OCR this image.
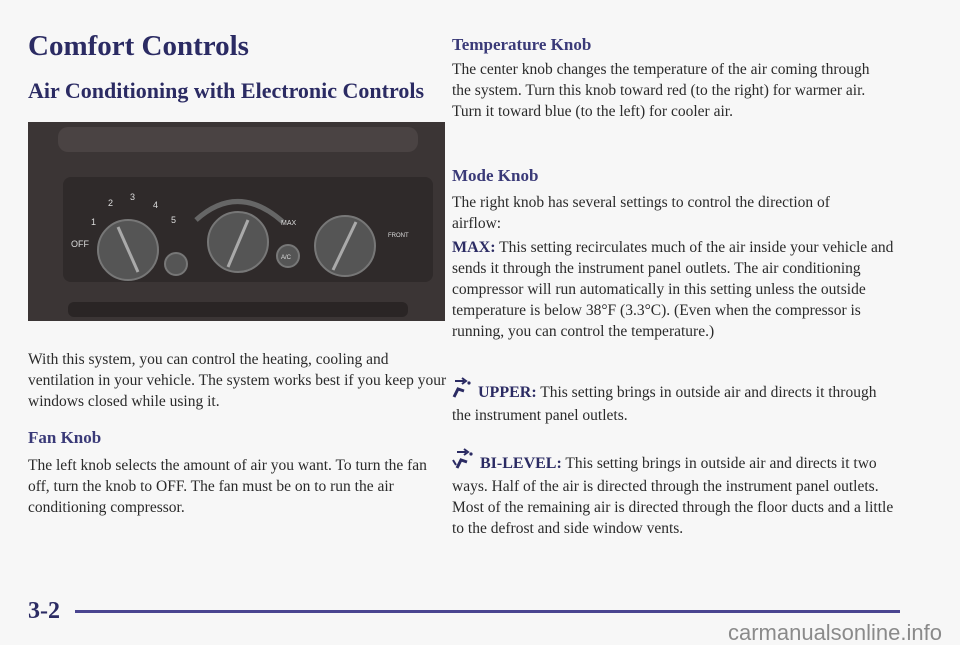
Comfort Controls
Air Conditioning with Electronic Controls
OFF
1
2
3
4
5	MAX
A/C
FRONT

With this system, you can control the heating, cooling and ventilation in your vehicle. The system works best if you keep your windows closed while using it.

Fan Knob

The left knob selects the amount of air you want. To turn the fan off, turn the knob to OFF. The fan must be on to run the air conditioning compressor.

Temperature Knob

The center knob changes the temperature of the air coming through the system. Turn this knob toward red (to the right) for warmer air. Turn it toward blue (to the left) for cooler air.

Mode Knob

The right knob has several settings to control the direction of airflow:

MAX: This setting recirculates much of the air inside your vehicle and sends it through the instrument panel outlets. The air conditioning compressor will run automatically in this setting unless the outside temperature is below 38°F (3.3°C). (Even when the compressor is running, you can control the temperature.)

UPPER: This setting brings in outside air and directs it through the instrument panel outlets.

BI-LEVEL: This setting brings in outside air and directs it two ways. Half of the air is directed through the instrument panel outlets. Most of the remaining air is directed through the floor ducts and a little to the defrost and side window vents.

3-2
carmanualsonline.info
